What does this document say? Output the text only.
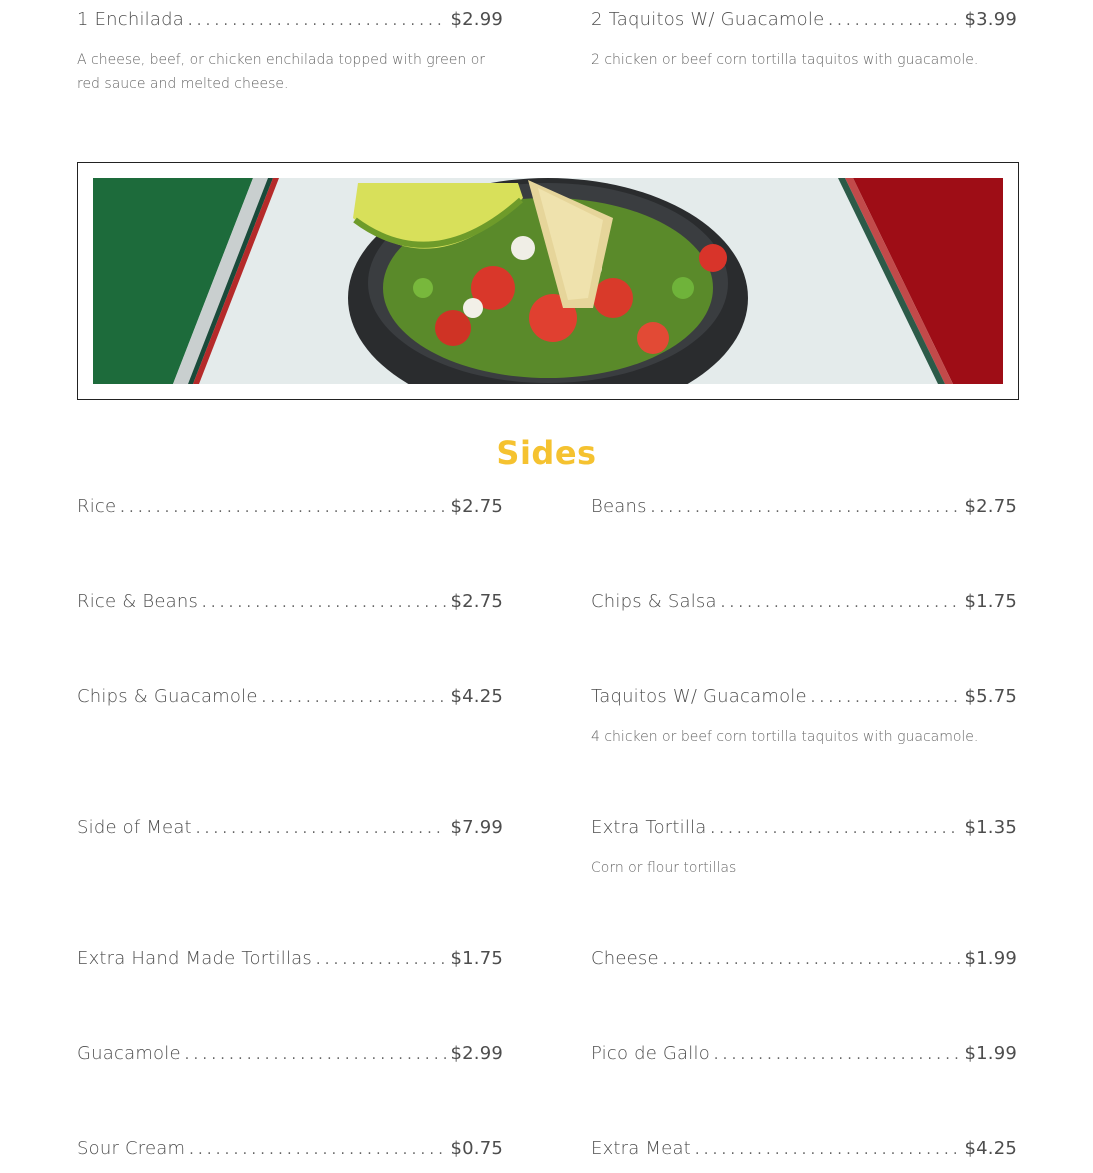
1 Enchilada . . .	$2.99
A cheese, beef, or chicken enchilada topped with green or red sauce and melted cheese.
2 Taquitos W/ Guacamole . . .	$3.99
2 chicken or beef corn tortilla taquitos with guacamole.
Sides
Rice . . .	$2.75	Beans . . .	$2.75
Rice & Beans . . .	$2.75	Chips & Salsa . . .	$1.75
Chips & Guacamole . . .	$4.25	Taquitos W/ Guacamole . . .	$5.75
4 chicken or beef corn tortilla taquitos with guacamole.
Side of Meat . . .	$7.99	Extra Tortilla . . .	$1.35
Corn or flour tortillas
Extra Hand Made Tortillas . . .	$1.75	Cheese . . .	$1.99
Guacamole . . .	$2.99	Pico de Gallo . . .	$1.99
Sour Cream . . .	$0.75	Extra Meat . . .	$4.25
